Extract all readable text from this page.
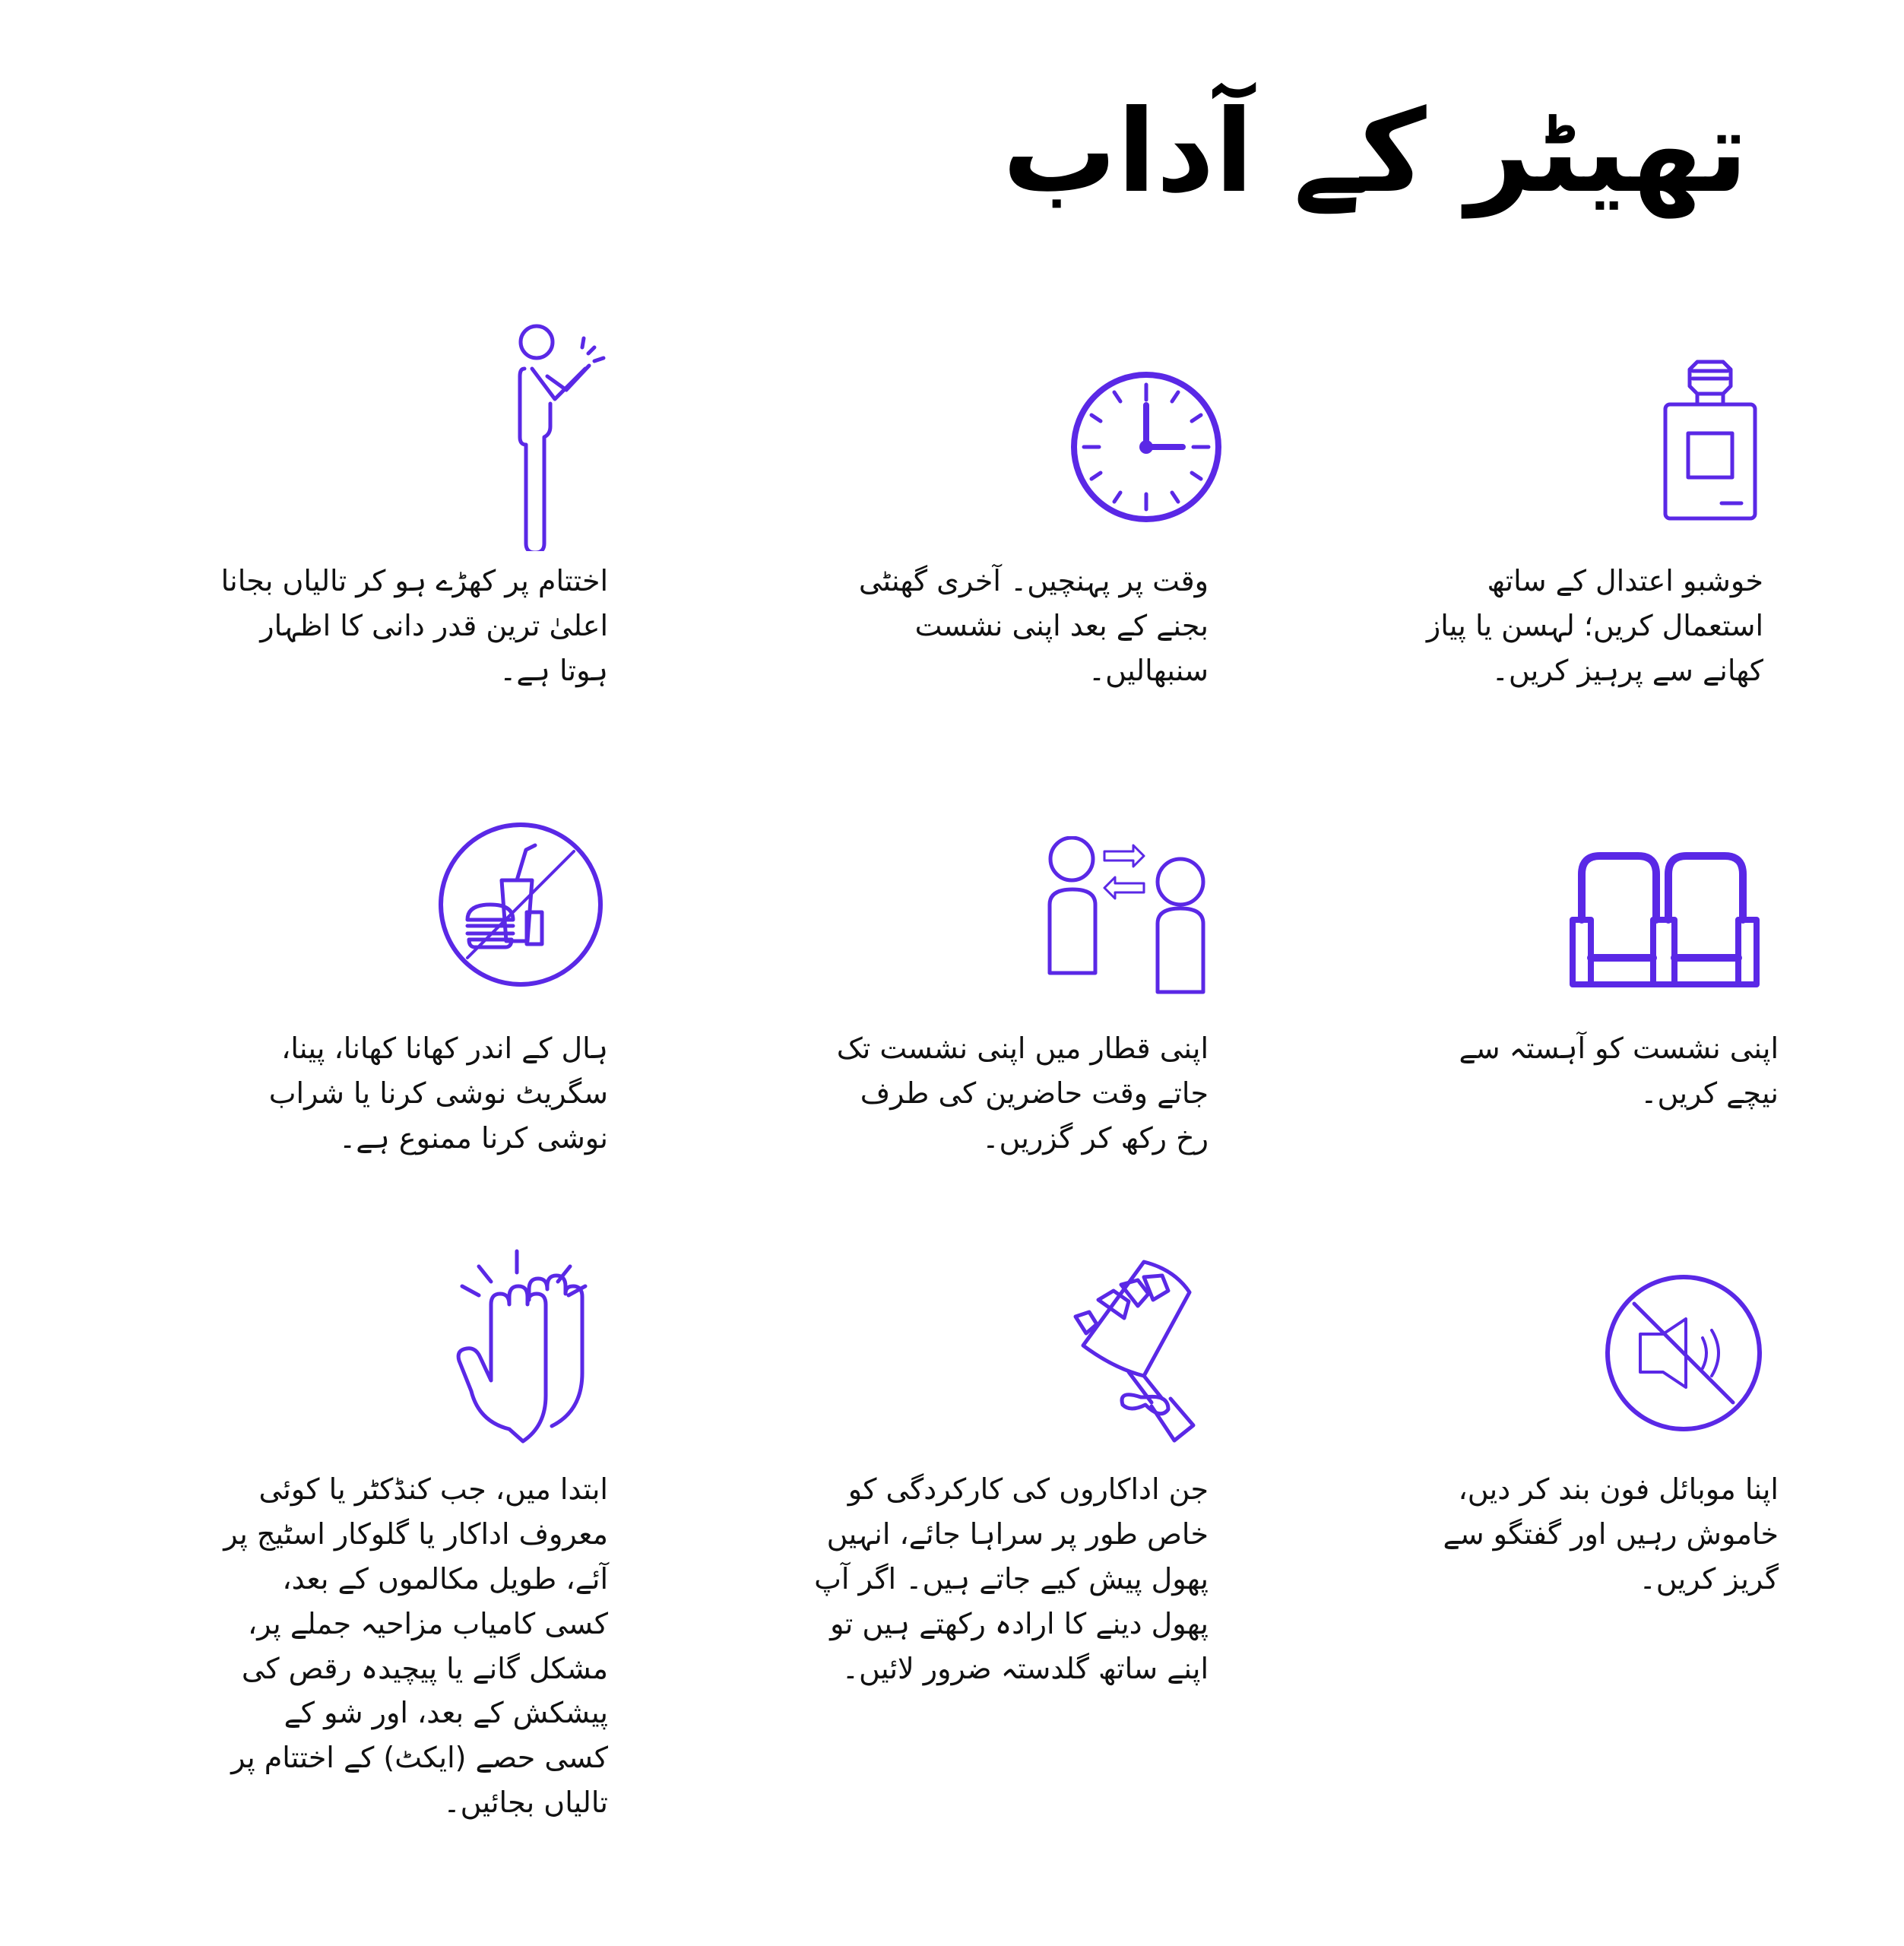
تھیٹر کے آداب
خوشبو اعتدال کے ساتھ استعمال کریں؛ لہسن یا پیاز کھانے سے پرہیز کریں۔
وقت پر پہنچیں۔ آخری گھنٹی بجنے کے بعد اپنی نشست سنبھالیں۔
اختتام پر کھڑے ہو کر تالیاں بجانا اعلیٰ ترین قدر دانی کا اظہار ہوتا ہے۔
اپنی نشست کو آہستہ سے نیچے کریں۔
اپنی قطار میں اپنی نشست تک جاتے وقت حاضرین کی طرف رخ رکھ کر گزریں۔
ہال کے اندر کھانا کھانا، پینا، سگریٹ نوشی کرنا یا شراب نوشی کرنا ممنوع ہے۔
اپنا موبائل فون بند کر دیں، خاموش رہیں اور گفتگو سے گریز کریں۔
جن اداکاروں کی کارکردگی کو خاص طور پر سراہا جائے، انہیں پھول پیش کیے جاتے ہیں۔ اگر آپ پھول دینے کا ارادہ رکھتے ہیں تو اپنے ساتھ گلدستہ ضرور لائیں۔
ابتدا میں، جب کنڈکٹر یا کوئی معروف اداکار یا گلوکار اسٹیج پر آئے، طویل مکالموں کے بعد، کسی کامیاب مزاحیہ جملے پر، مشکل گانے یا پیچیدہ رقص کی پیشکش کے بعد، اور شو کے کسی حصے (ایکٹ) کے اختتام پر تالیاں بجائیں۔
